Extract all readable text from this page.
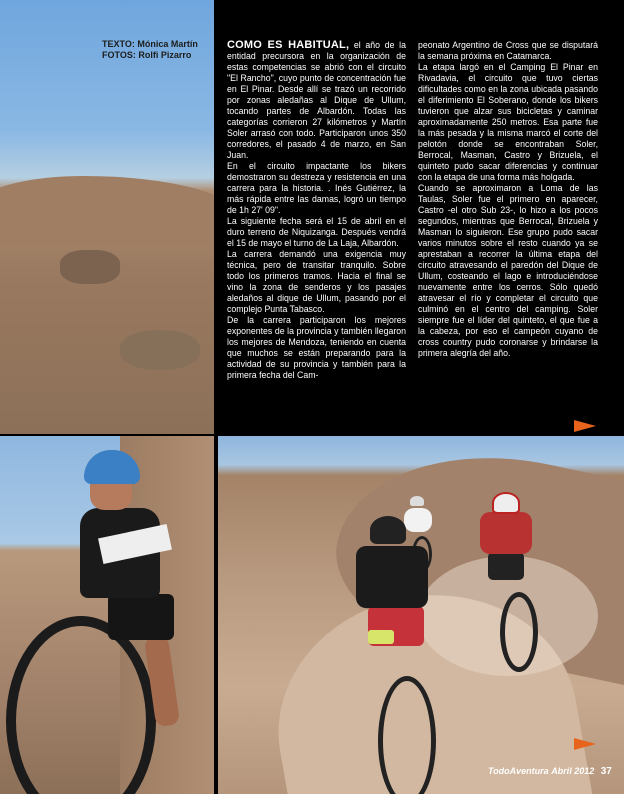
TEXTO: Mónica Martín
FOTOS: Rolfi Pizarro

COMO ES HABITUAL, el año de la entidad precursora en la organización de estas competencias se abrió con el circuito "El Rancho", cuyo punto de concentración fue en El Pinar. Desde allí se trazó un recorrido por zonas aledañas al Dique de Ullum, tocando partes de Albardón. Todas las categorías corrieron 27 kilómetros y Martín Soler arrasó con todo. Participaron unos 350 corredores, el pasado 4 de marzo, en San Juan.

En el circuito impactante los bikers demostraron su destreza y resistencia en una carrera para la historia. . Inés Gutiérrez, la más rápida entre las damas, logró un tiempo de 1h 27' 09".

La siguiente fecha será el 15 de abril en el duro terreno de Niquizanga. Después vendrá el 15 de mayo el turno de La Laja, Albardón.

La carrera demandó una exigencia muy técnica, pero de transitar tranquilo. Sobre todo los primeros tramos. Hacia el final se vino la zona de senderos y los pasajes aledaños al dique de Ullum, pasando por el complejo Punta Tabasco.

De la carrera participaron los mejores exponentes de la provincia y también llegaron los mejores de Mendoza, teniendo en cuenta que muchos se están preparando para la actividad de su provincia y también para la primera fecha del Cam-

peonato Argentino de Cross que se disputará la semana próxima en Catamarca.

La etapa largó en el Camping El Pinar en Rivadavia, el circuito que tuvo ciertas dificultades como en la zona ubicada pasando el diferimiento El Soberano, donde los bikers tuvieron que alzar sus bicicletas y caminar aproximadamente 250 metros. Esa parte fue la más pesada y la misma marcó el corte del pelotón donde se encontraban Soler, Berrocal, Masman, Castro y Brizuela, el quinteto pudo sacar diferencias y continuar con la etapa de una forma más holgada.

Cuando se aproximaron a Loma de las Taulas, Soler fue el primero en aparecer, Castro -el otro Sub 23-, lo hizo a los pocos segundos, mientras que Berrocal, Brizuela y Masman lo siguieron. Ese grupo pudo sacar varios minutos sobre el resto cuando ya se aprestaban a recorrer la última etapa del circuito atravesando el paredón del Dique de Ullum, costeando el lago e introduciéndose nuevamente entre los cerros. Sólo quedó atravesar el río y completar el circuito que culminó en el centro del camping. Soler siempre fue el líder del quinteto, el que fue a la cabeza, por eso el campeón cuyano de cross country pudo coronarse y brindarse la primera alegría del año.

TodoAventura Abril 2012 37
